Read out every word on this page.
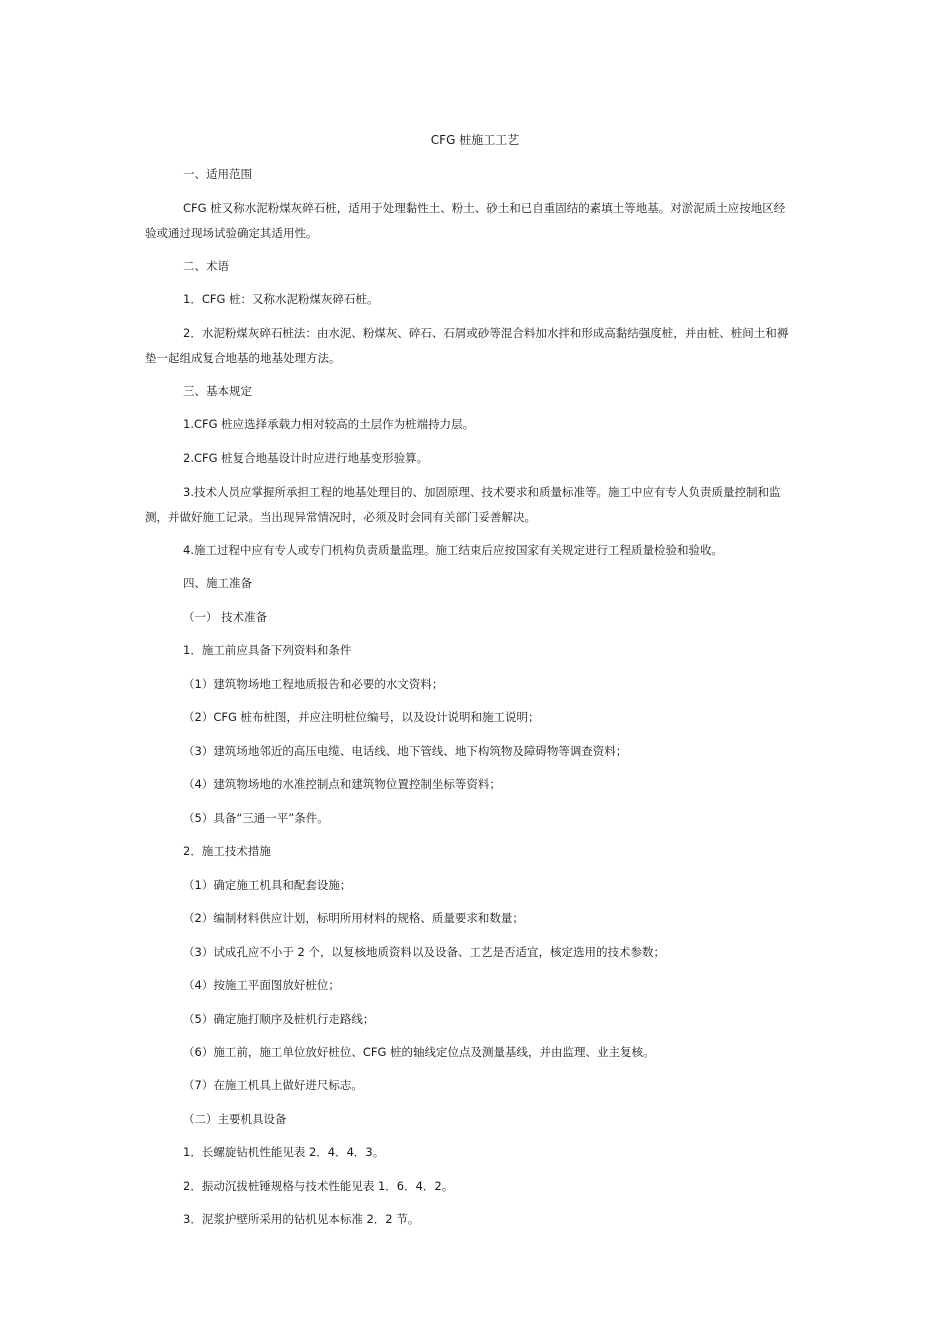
CFG 桩施工工艺
一、适用范围
CFG 桩又称水泥粉煤灰碎石桩，适用于处理黏性土、粉土、砂土和已自重固结的素填土等地基。对淤泥质土应按地区经
验或通过现场试验确定其适用性。
二、术语
1．CFG 桩：又称水泥粉煤灰碎石桩。
2．水泥粉煤灰碎石桩法：由水泥、粉煤灰、碎石、石屑或砂等混合料加水拌和形成高黏结强度桩，并由桩、桩间土和褥
垫一起组成复合地基的地基处理方法。
三、基本规定
1.CFG 桩应选择承载力相对较高的土层作为桩端持力层。
2.CFG 桩复合地基设计时应进行地基变形验算。
3.技术人员应掌握所承担工程的地基处理目的、加固原理、技术要求和质量标准等。施工中应有专人负责质量控制和监
测，并做好施工记录。当出现异常情况时，必须及时会同有关部门妥善解决。
4.施工过程中应有专人或专门机构负责质量监理。施工结束后应按国家有关规定进行工程质量检验和验收。
四、施工准备
（一） 技术准备
1．施工前应具备下列资料和条件
（1）建筑物场地工程地质报告和必要的水文资料；
（2）CFG 桩布桩图，并应注明桩位编号，以及设计说明和施工说明；
（3）建筑场地邻近的高压电缆、电话线、地下管线、地下构筑物及障碍物等调查资料；
（4）建筑物场地的水准控制点和建筑物位置控制坐标等资料；
（5）具备“三通一平”条件。
2．施工技术措施
（1）确定施工机具和配套设施；
（2）编制材料供应计划，标明所用材料的规格、质量要求和数量；
（3）试成孔应不小于 2 个，以复核地质资料以及设备、工艺是否适宜，核定选用的技术参数；
（4）按施工平面图放好桩位；
（5）确定施打顺序及桩机行走路线；
（6）施工前，施工单位放好桩位、CFG 桩的轴线定位点及测量基线，并由监理、业主复核。
（7）在施工机具上做好进尺标志。
（二）主要机具设备
1．长螺旋钻机性能见表 2．4．4．3。
2．振动沉拔桩锤规格与技术性能见表 1．6．4．2。
3．泥浆护壁所采用的钻机见本标准 2．2 节。
